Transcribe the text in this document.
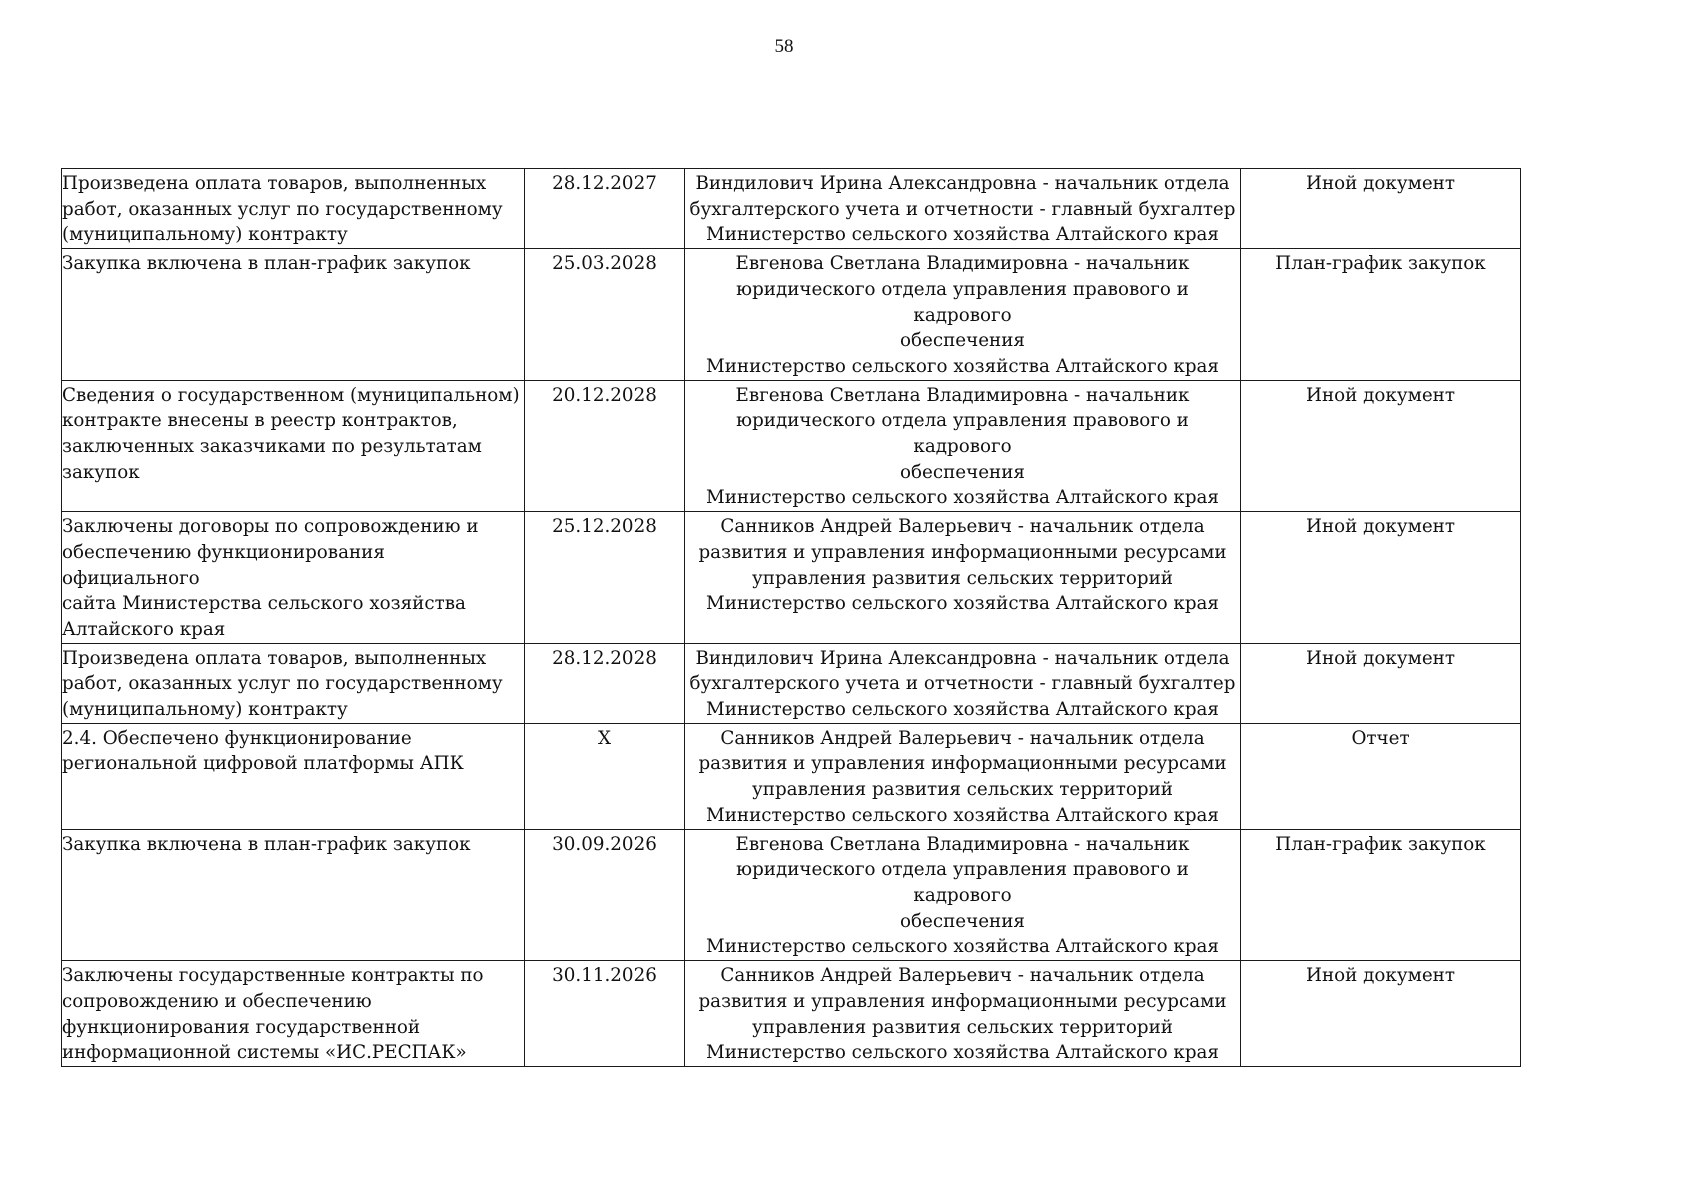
58
Произведена оплата товаров, выполненных
работ, оказанных услуг по государственному
(муниципальному) контракту	28.12.2027	Виндилович Ирина Александровна - начальник отдела
бухгалтерского учета и отчетности - главный бухгалтер
Министерство сельского хозяйства Алтайского края	Иной документ
Закупка включена в план-график закупок	25.03.2028	Евгенова Светлана Владимировна - начальник
юридического отдела управления правового и кадрового
обеспечения
Министерство сельского хозяйства Алтайского края	План-график закупок
Сведения о государственном (муниципальном)
контракте внесены в реестр контрактов,
заключенных заказчиками по результатам
закупок	20.12.2028	Евгенова Светлана Владимировна - начальник
юридического отдела управления правового и кадрового
обеспечения
Министерство сельского хозяйства Алтайского края	Иной документ
Заключены договоры по сопровождению и
обеспечению функционирования официального
сайта Министерства сельского хозяйства
Алтайского края	25.12.2028	Санников Андрей Валерьевич - начальник отдела
развития и управления информационными ресурсами
управления развития сельских территорий
Министерство сельского хозяйства Алтайского края	Иной документ
Произведена оплата товаров, выполненных
работ, оказанных услуг по государственному
(муниципальному) контракту	28.12.2028	Виндилович Ирина Александровна - начальник отдела
бухгалтерского учета и отчетности - главный бухгалтер
Министерство сельского хозяйства Алтайского края	Иной документ
2.4. Обеспечено функционирование
региональной цифровой платформы АПК	X	Санников Андрей Валерьевич - начальник отдела
развития и управления информационными ресурсами
управления развития сельских территорий
Министерство сельского хозяйства Алтайского края	Отчет
Закупка включена в план-график закупок	30.09.2026	Евгенова Светлана Владимировна - начальник
юридического отдела управления правового и кадрового
обеспечения
Министерство сельского хозяйства Алтайского края	План-график закупок
Заключены государственные контракты по
сопровождению и обеспечению
функционирования государственной
информационной системы «ИС.РЕСПАК»	30.11.2026	Санников Андрей Валерьевич - начальник отдела
развития и управления информационными ресурсами
управления развития сельских территорий
Министерство сельского хозяйства Алтайского края	Иной документ
